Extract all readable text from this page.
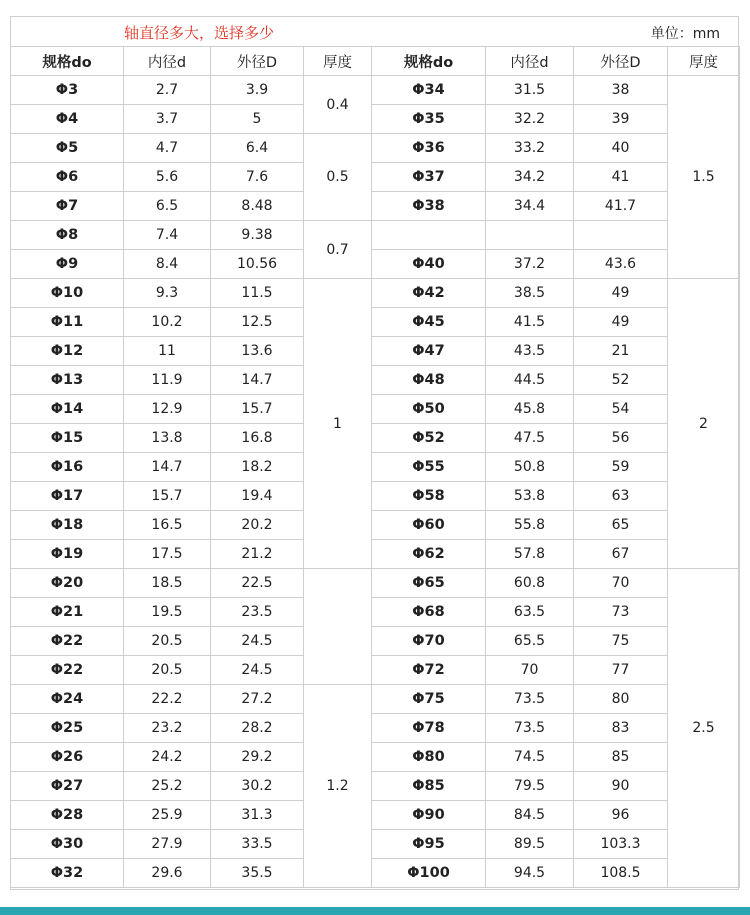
轴直径多大，选择多少	单位：mm
规格do	内径d	外径D	厚度	规格do	内径d	外径D	厚度
Φ3	2.7	3.9	0.4	Φ34	31.5	38	1.5
Φ4	3.7	5		Φ35	32.2	39	
Φ5	4.7	6.4	0.5	Φ36	33.2	40	
Φ6	5.6	7.6		Φ37	34.2	41	
Φ7	6.5	8.48		Φ38	34.4	41.7	
Φ8	7.4	9.38	0.7				
Φ9	8.4	10.56		Φ40	37.2	43.6	
Φ10	9.3	11.5	1	Φ42	38.5	49	2
Φ11	10.2	12.5		Φ45	41.5	49	
Φ12	11	13.6		Φ47	43.5	21	
Φ13	11.9	14.7		Φ48	44.5	52	
Φ14	12.9	15.7		Φ50	45.8	54	
Φ15	13.8	16.8		Φ52	47.5	56	
Φ16	14.7	18.2		Φ55	50.8	59	
Φ17	15.7	19.4		Φ58	53.8	63	
Φ18	16.5	20.2		Φ60	55.8	65	
Φ19	17.5	21.2		Φ62	57.8	67	
Φ20	18.5	22.5		Φ65	60.8	70	2.5
Φ21	19.5	23.5		Φ68	63.5	73	
Φ22	20.5	24.5		Φ70	65.5	75	
Φ22	20.5	24.5		Φ72	70	77	
Φ24	22.2	27.2	1.2	Φ75	73.5	80	
Φ25	23.2	28.2		Φ78	73.5	83	
Φ26	24.2	29.2		Φ80	74.5	85	
Φ27	25.2	30.2		Φ85	79.5	90	
Φ28	25.9	31.3		Φ90	84.5	96	
Φ30	27.9	33.5		Φ95	89.5	103.3	
Φ32	29.6	35.5		Φ100	94.5	108.5	
